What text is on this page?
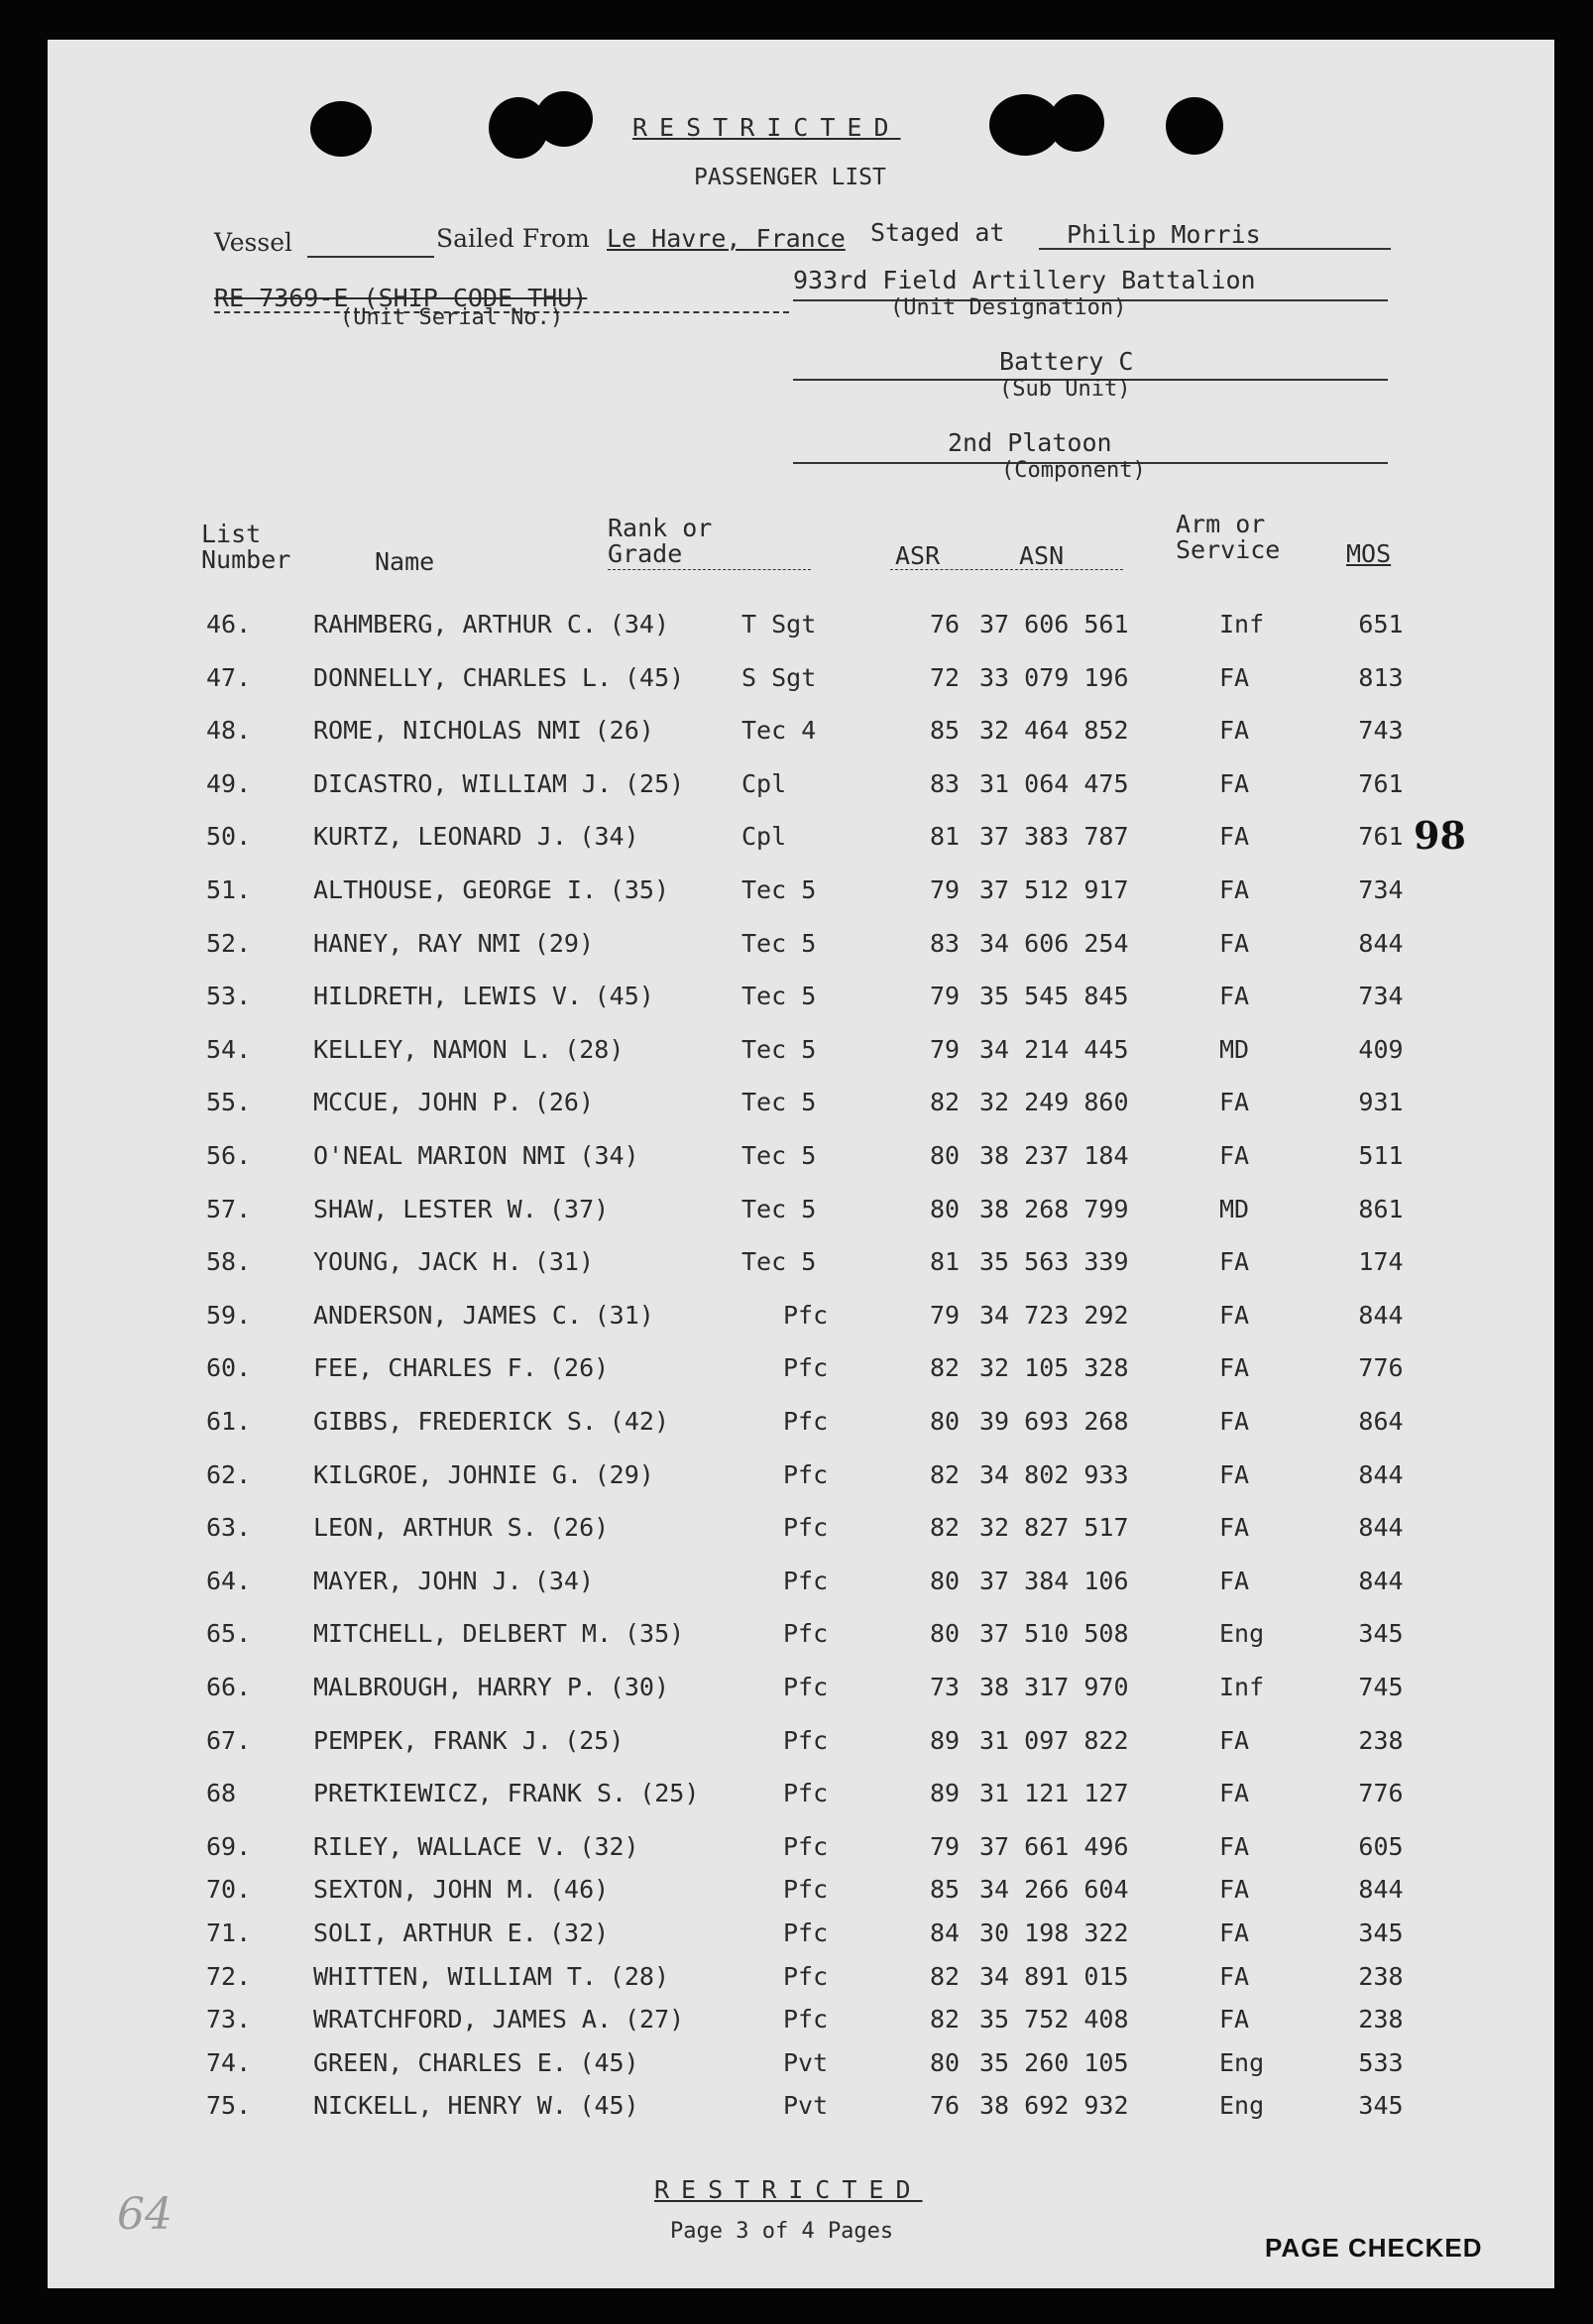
RESTRICTED
PASSENGER LIST
Vessel	Sailed From Le Havre, France Staged at	Philip Morris
RE 7369-E (SHIP CODE THU)
(Unit Serial No.)
933rd Field Artillery Battalion
(Unit Designation)
Battery C
(Sub Unit)
2nd Platoon
(Component)
List
Number	Name
Rank or
Grade	ASR	ASN
Arm or
Service	MOS
46.	RAHMBERG, ARTHUR C. (34)	T Sgt	76 37 606 561	Inf	651
47.	DONNELLY, CHARLES L. (45) S Sgt	72 33 079 196	FA	813
48.	ROME, NICHOLAS NMI (26)	Tec 4	85 32 464 852	FA	743
49.	DICASTRO, WILLIAM J. (25) Cpl	83 31 064 475	FA	761
50.	KURTZ, LEONARD J. (34)	Cpl	81 37 383 787	FA	761
51.	ALTHOUSE, GEORGE I. (35)	Tec 5	79 37 512 917	FA	734
52.	HANEY, RAY NMI (29)	Tec 5	83 34 606 254	FA	844
53.	HILDRETH, LEWIS V. (45)	Tec 5	79 35 545 845	FA	734
54.	KELLEY, NAMON L. (28)	Tec 5	79 34 214 445	MD	409
55.	MCCUE, JOHN P. (26)	Tec 5	82 32 249 860	FA	931
56.	O'NEAL MARION NMI (34)	Tec 5	80 38 237 184	FA	511
57.	SHAW, LESTER W. (37)	Tec 5	80 38 268 799	MD	861
58.	YOUNG, JACK H. (31)	Tec 5	81 35 563 339	FA	174
59.	ANDERSON, JAMES C. (31)	Pfc	79 34 723 292	FA	844
60.	FEE, CHARLES F. (26)	Pfc	82 32 105 328	FA	776
61.	GIBBS, FREDERICK S. (42)	Pfc	80 39 693 268	FA	864
62.	KILGROE, JOHNIE G. (29)	Pfc	82 34 802 933	FA	844
63.	LEON, ARTHUR S. (26)	Pfc	82 32 827 517	FA	844
64.	MAYER, JOHN J. (34)	Pfc	80 37 384 106	FA	844
65.	MITCHELL, DELBERT M. (35)	Pfc	80 37 510 508	Eng	345
66.	MALBROUGH, HARRY P. (30)	Pfc	73 38 317 970	Inf	745
67.	PEMPEK, FRANK J. (25)	Pfc	89 31 097 822	FA	238
68	PRETKIEWICZ, FRANK S. (25)	Pfc	89 31 121 127	FA	776
69.	RILEY, WALLACE V. (32)	Pfc	79 37 661 496	FA	605
70.	SEXTON, JOHN M. (46)	Pfc	85 34 266 604	FA	844
71.	SOLI, ARTHUR E. (32)	Pfc	84 30 198 322	FA	345
72.	WHITTEN, WILLIAM T. (28)	Pfc	82 34 891 015	FA	238
73.	WRATCHFORD, JAMES A. (27)	Pfc	82 35 752 408	FA	238
74.	GREEN, CHARLES E. (45)	Pvt	80 35 260 105	Eng	533
75.	NICKELL, HENRY W. (45)	Pvt	76 38 692 932	Eng	345
98
RESTRICTED
Page 3 of 4 Pages
PAGE CHECKED
64
